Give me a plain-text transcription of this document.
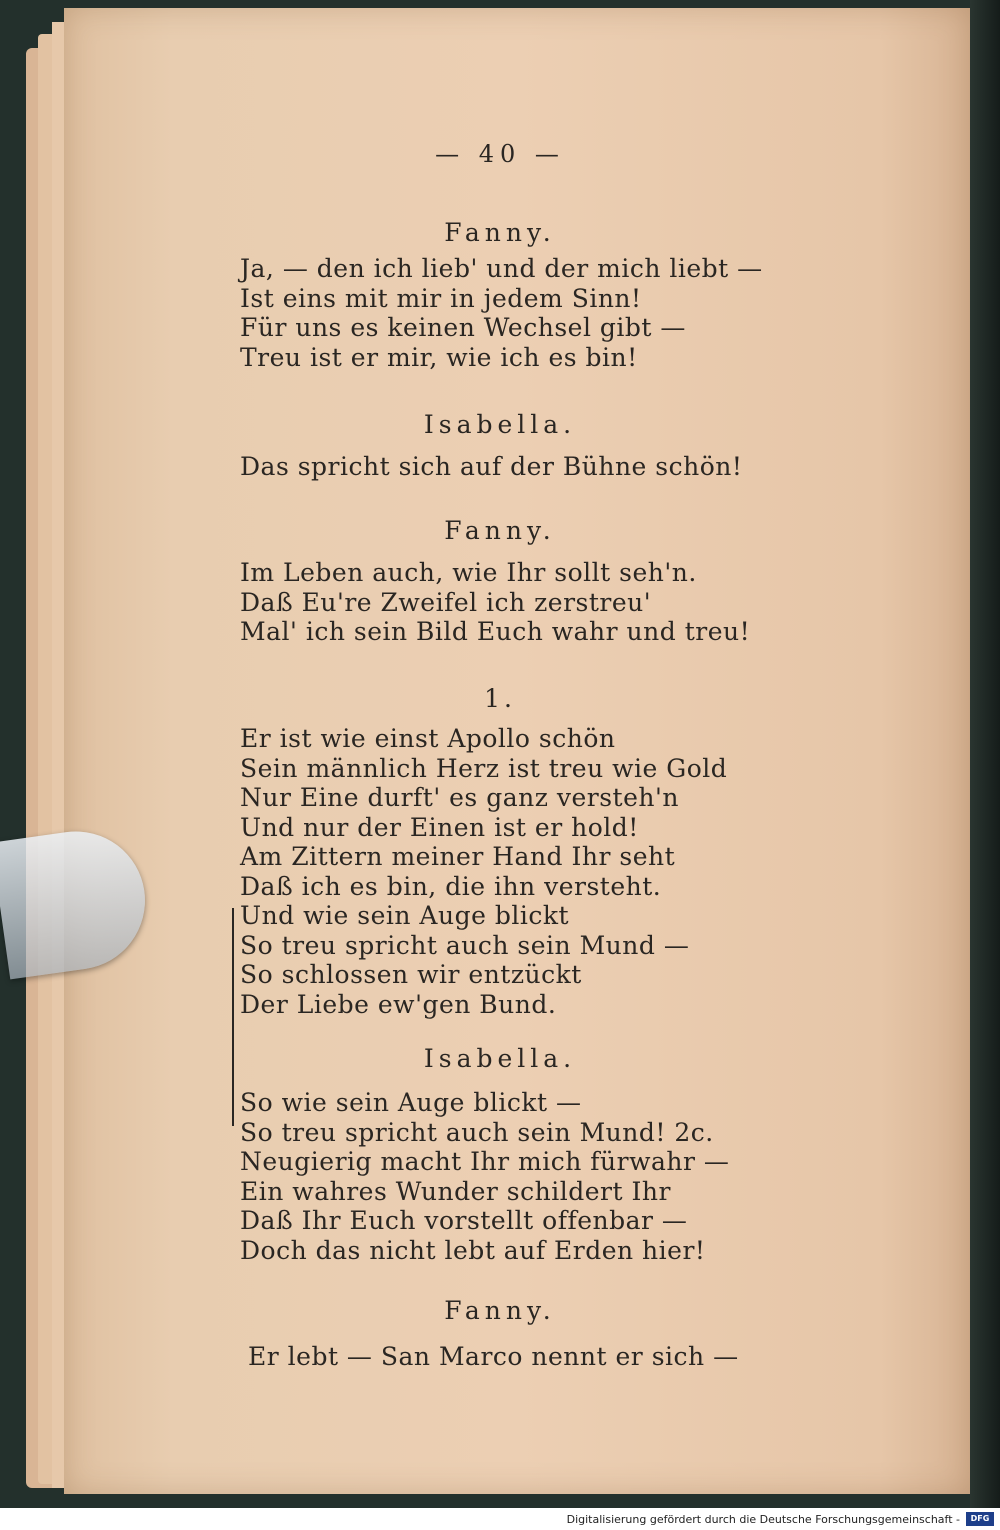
— 40 —
Fanny.
Ja, — den ich lieb' und der mich liebt —
Ist eins mit mir in jedem Sinn!
Für uns es keinen Wechsel gibt —
Treu ist er mir, wie ich es bin!
Isabella.
Das spricht sich auf der Bühne schön!
Fanny.
Im Leben auch, wie Ihr sollt seh'n.
Daß Eu're Zweifel ich zerstreu'
Mal' ich sein Bild Euch wahr und treu!
1.
Er ist wie einst Apollo schön
Sein männlich Herz ist treu wie Gold
Nur Eine durft' es ganz versteh'n
Und nur der Einen ist er hold!
Am Zittern meiner Hand Ihr seht
Daß ich es bin, die ihn versteht.
Und wie sein Auge blickt
So treu spricht auch sein Mund —
So schlossen wir entzückt
Der Liebe ew'gen Bund.
Isabella.
So wie sein Auge blickt —
So treu spricht auch sein Mund! 2c.
Neugierig macht Ihr mich fürwahr —
Ein wahres Wunder schildert Ihr
Daß Ihr Euch vorstellt offenbar —
Doch das nicht lebt auf Erden hier!
Fanny.
Er lebt — San Marco nennt er sich —
Digitalisierung gefördert durch die Deutsche Forschungsgemeinschaft -	DFG
